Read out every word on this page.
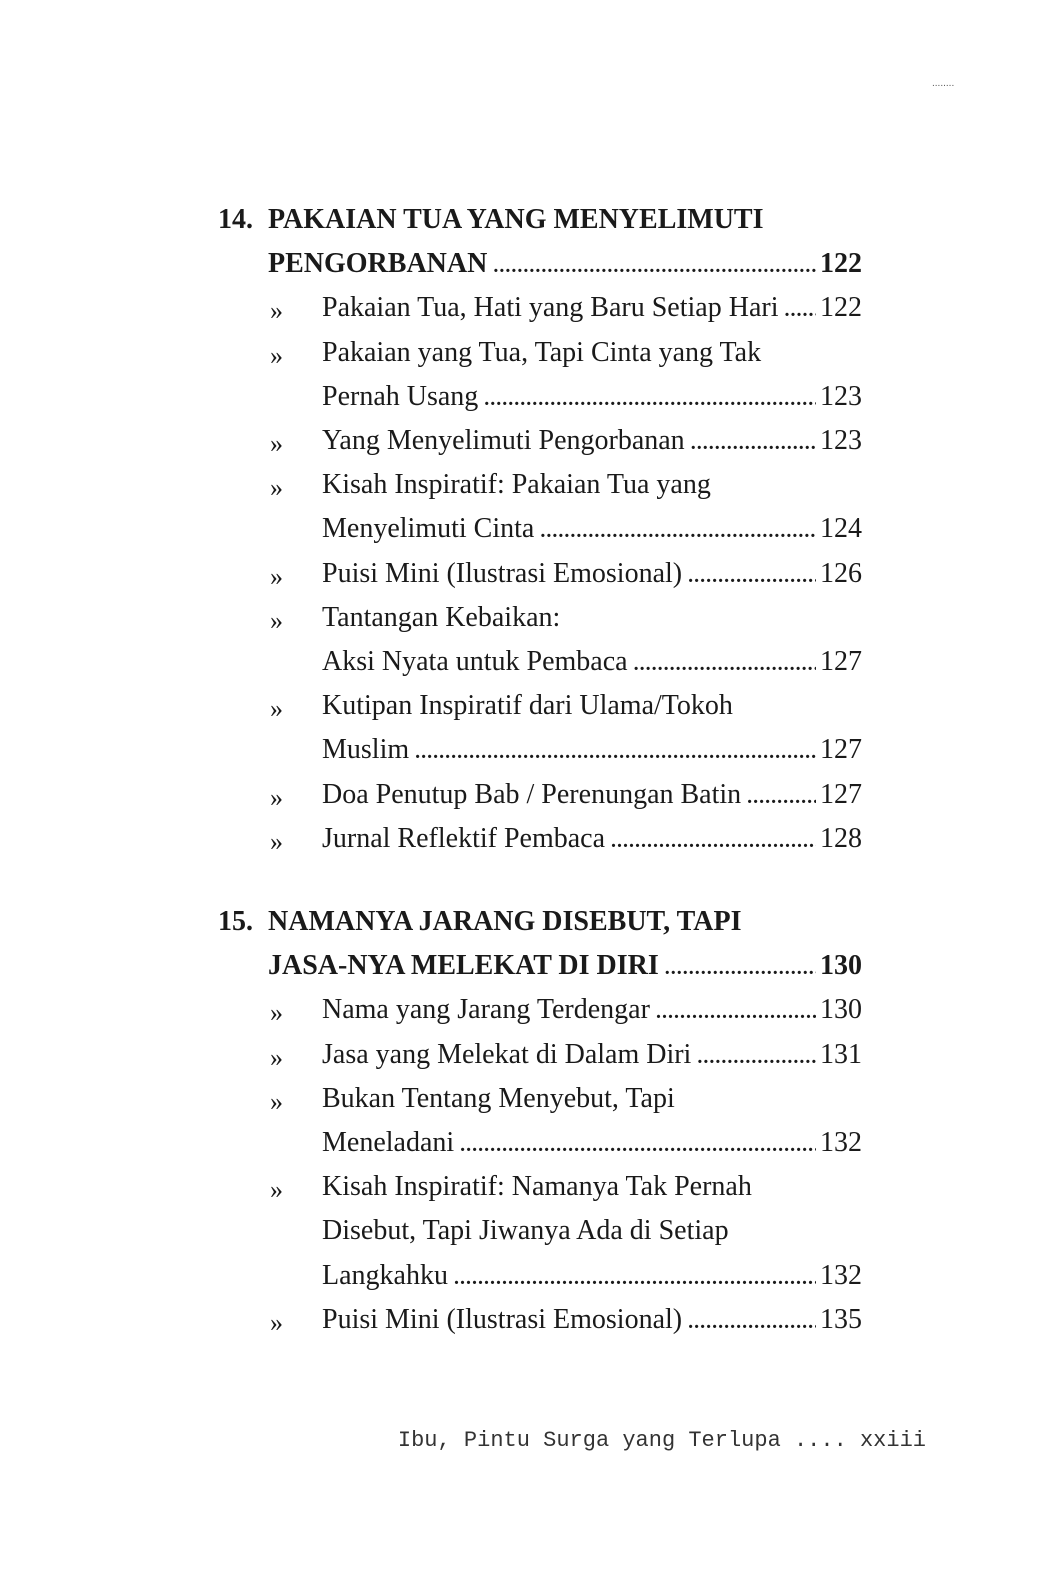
........
14. PAKAIAN TUA YANG MENYELIMUTI
PENGORBANAN .....	122
» Pakaian Tua, Hati yang Baru Setiap Hari ..... 122
» Pakaian yang Tua, Tapi Cinta yang Tak
Pernah Usang .....	123
» Yang Menyelimuti Pengorbanan .....	123
» Kisah Inspiratif: Pakaian Tua yang
Menyelimuti Cinta .....	124
» Puisi Mini (Ilustrasi Emosional) .....	126
» Tantangan Kebaikan:
Aksi Nyata untuk Pembaca .....	127
» Kutipan Inspiratif dari Ulama/Tokoh
Muslim .....	127
» Doa Penutup Bab / Perenungan Batin .....	127
» Jurnal Reflektif Pembaca .....	128
15. NAMANYA JARANG DISEBUT, TAPI
JASA-NYA MELEKAT DI DIRI .....	130
» Nama yang Jarang Terdengar .....	130
» Jasa yang Melekat di Dalam Diri .....	131
» Bukan Tentang Menyebut, Tapi
Meneladani .....	132
» Kisah Inspiratif: Namanya Tak Pernah
Disebut, Tapi Jiwanya Ada di Setiap
Langkahku .....	132
» Puisi Mini (Ilustrasi Emosional) .....	135
Ibu, Pintu Surga yang Terlupa .... xxiii
